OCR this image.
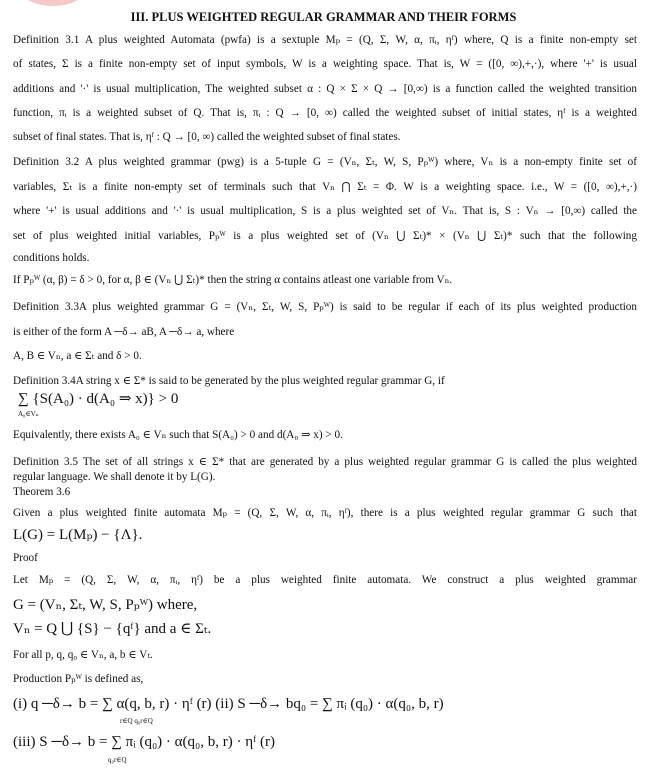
III. PLUS WEIGHTED REGULAR GRAMMAR AND THEIR FORMS
Definition 3.1 A plus weighted Automata (pwfa) is a sextuple Mₚ = (Q, Σ, W, α, πᵢ, ηᶠ) where, Q is a finite non-empty set
of states, Σ is a finite non-empty set of input symbols, W is a weighting space. That is, W = ([0, ∞),+,·), where '+' is usual
additions and '·' is usual multiplication, The weighted subset α : Q × Σ × Q → [0,∞) is a function called the weighted transition
function, πᵢ is a weighted subset of Q. That is, πᵢ : Q → [0, ∞) called the weighted subset of initial states, ηᶠ is a weighted
subset of final states. That is, ηᶠ : Q → [0, ∞) called the weighted subset of final states.
Definition 3.2 A plus weighted grammar (pwg) is a 5-tuple G = (Vₙ, Σₜ, W, S, Pₚᵂ) where, Vₙ is a non-empty finite set of
variables, Σₜ is a finite non-empty set of terminals such that Vₙ ⋂ Σₜ = Φ. W is a weighting space. i.e., W = ([0, ∞),+,·)
where '+' is usual additions and '·' is usual multiplication, S is a plus weighted set of Vₙ. That is, S : Vₙ → [0,∞) called the
set of plus weighted initial variables, Pₚᵂ is a plus weighted set of (Vₙ ⋃ Σₜ)* × (Vₙ ⋃ Σₜ)* such that the following
conditions holds.
If Pₚᵂ (α, β) = δ > 0, for α, β ∈ (Vₙ ⋃ Σₜ)* then the string α contains atleast one variable from Vₙ.
Definition 3.3A plus weighted grammar G = (Vₙ, Σₜ, W, S, Pₚᵂ) is said to be regular if each of its plus weighted production
is either of the form A ─δ→ aB, A ─δ→ a, where
A, B ∈ Vₙ, a ∈ Σₜ and δ > 0.
Definition 3.4A string x ∈ Σ* is said to be generated by the plus weighted regular grammar G, if
∑ {S(A₀) · d(A₀ ⇒ x)} > 0
A₀∈Vₙ
Equivalently, there exists A₀ ∈ Vₙ such that S(A₀) > 0 and d(A₀ ⇒ x) > 0.
Definition 3.5 The set of all strings x ∈ Σ* that are generated by a plus weighted regular grammar G is called the plus weighted
regular language. We shall denote it by L(G).
Theorem 3.6
Given a plus weighted finite automata Mₚ = (Q, Σ, W, α, πᵢ, ηᶠ), there is a plus weighted regular grammar G such that
L(G) = L(Mₚ) − {Λ}.
Proof
Let Mₚ = (Q, Σ, W, α, πᵢ, ηᶠ) be a plus weighted finite automata. We construct a plus weighted grammar
G = (Vₙ, Σₜ, W, S, Pₚᵂ) where,
Vₙ = Q ⋃ {S} − {qᶠ} and a ∈ Σₜ.
For all p, q, q₀ ∈ Vₙ, a, b ∈ Vₜ.
Production Pₚᵂ is defined as,
(i) q ─δ→ b = ∑ α(q, b, r) · ηᶠ (r) (ii) S ─δ→ bq₀ = ∑ πᵢ (q₀) · α(q₀, b, r)
r∈Q q₀r∈Q
(iii) S ─δ→ b = ∑ πᵢ (q₀) · α(q₀, b, r) · ηᶠ (r)
q₀r∈Q
